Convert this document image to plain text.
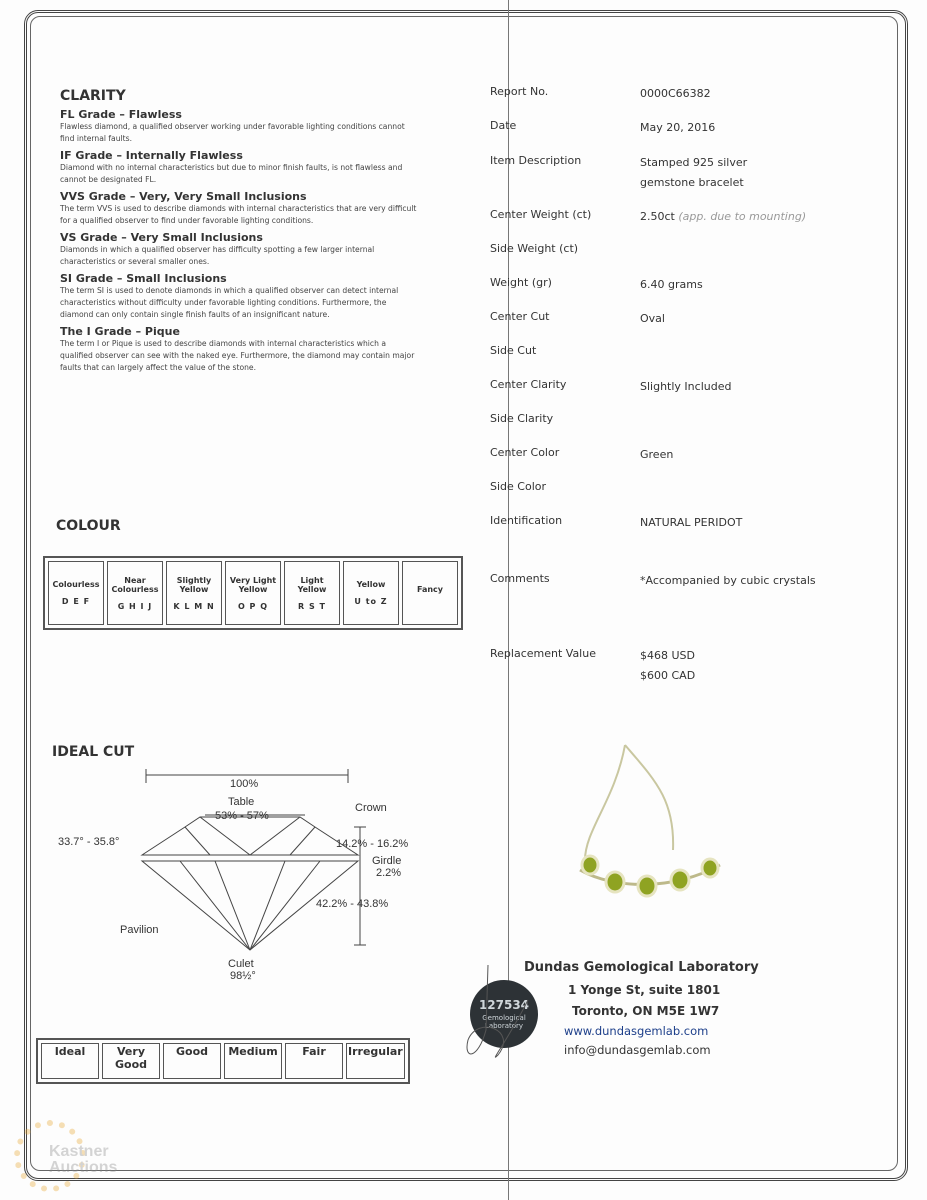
CLARITY
FL Grade – Flawless
Flawless diamond, a qualified observer working under favorable lighting conditions cannot find internal faults.
IF Grade – Internally Flawless
Diamond with no internal characteristics but due to minor finish faults, is not flawless and cannot be designated FL.
VVS Grade – Very, Very Small Inclusions
The term VVS is used to describe diamonds with internal characteristics that are very difficult for a qualified observer to find under favorable lighting conditions.
VS Grade – Very Small Inclusions
Diamonds in which a qualified observer has difficulty spotting a few larger internal characteristics or several smaller ones.
SI Grade – Small Inclusions
The term SI is used to denote diamonds in which a qualified observer can detect internal characteristics without difficulty under favorable lighting conditions. Furthermore, the diamond can only contain single finish faults of an insignificant nature.
The I Grade – Pique
The term I or Pique is used to describe diamonds with internal characteristics which a qualified observer can see with the naked eye. Furthermore, the diamond may contain major faults that can largely affect the value of the stone.
COLOUR
Colourless
D E F

Near Colourless
G H I J

Slightly Yellow
K L M N

Very Light Yellow
O P Q

Light Yellow
R S T

Yellow
U to Z

Fancy
IDEAL CUT
100%
Table
53% - 57%
Crown
33.7° - 35.8°	14.2% - 16.2%
Girdle
2.2%
42.2% - 43.8%
Pavilion
Culet
98½°
Ideal	Very Good	Good	Medium	Fair	Irregular
Report No.	0000C66382
Date	May 20, 2016
Item Description	Stamped 925 silver
gemstone bracelet
Center Weight (ct)	2.50ct (app. due to mounting)
Side Weight (ct)
Weight (gr)	6.40 grams
Center Cut	Oval
Side Cut
Center Clarity	Slightly Included
Side Clarity
Center Color	Green
Side Color
Identification	NATURAL PERIDOT
Comments	*Accompanied by cubic crystals
Replacement Value	$468 USD
$600 CAD
127534
Gemological Laboratory
Dundas Gemological Laboratory
1 Yonge St, suite 1801
Toronto, ON M5E 1W7
www.dundasgemlab.com
info@dundasgemlab.com
Kastner Auctions
